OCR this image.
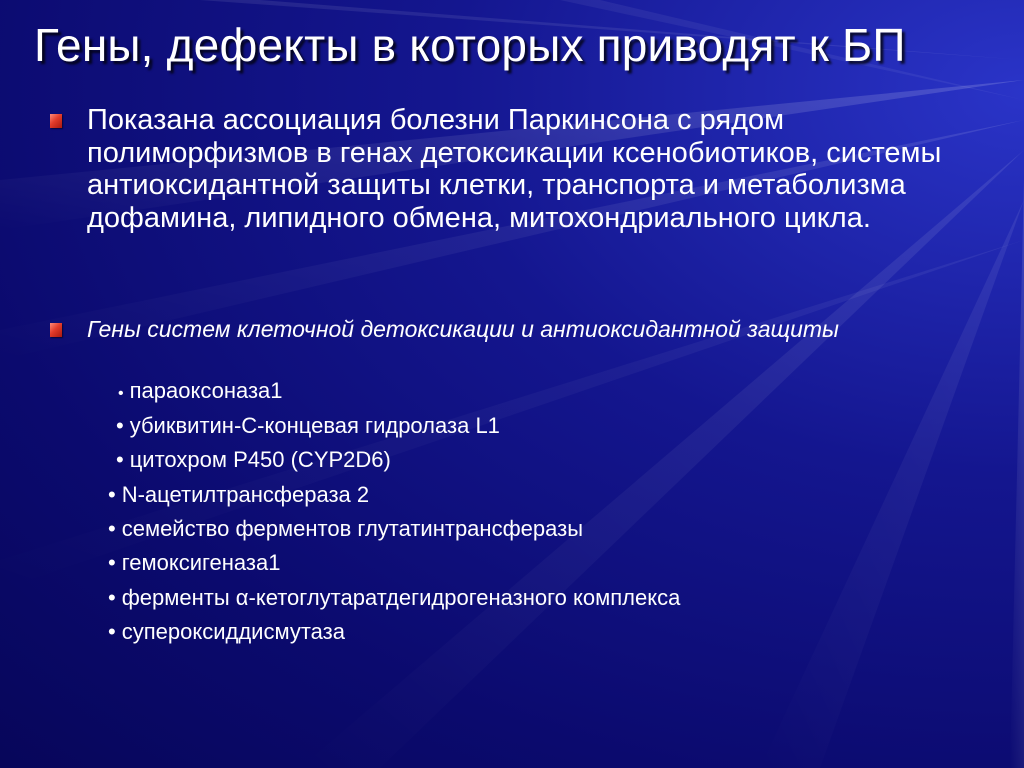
Гены, дефекты в которых приводят к БП

Показана ассоциация болезни Паркинсона с рядом полиморфизмов в генах детоксикации ксенобиотиков, системы антиоксидантной защиты клетки, транспорта и метаболизма дофамина, липидного обмена, митохондриального цикла.

Гены систем клеточной детоксикации и антиоксидантной защиты

• параоксоназа1
• убиквитин-С-концевая гидролаза L1
• цитохром P450 (CYP2D6)
• N-ацетилтрансфераза 2
• семейство ферментов глутатинтрансферазы
• гемоксигеназа1
• ферменты α-кетоглутаратдегидрогеназного комплекса
• супероксиддисмутаза
